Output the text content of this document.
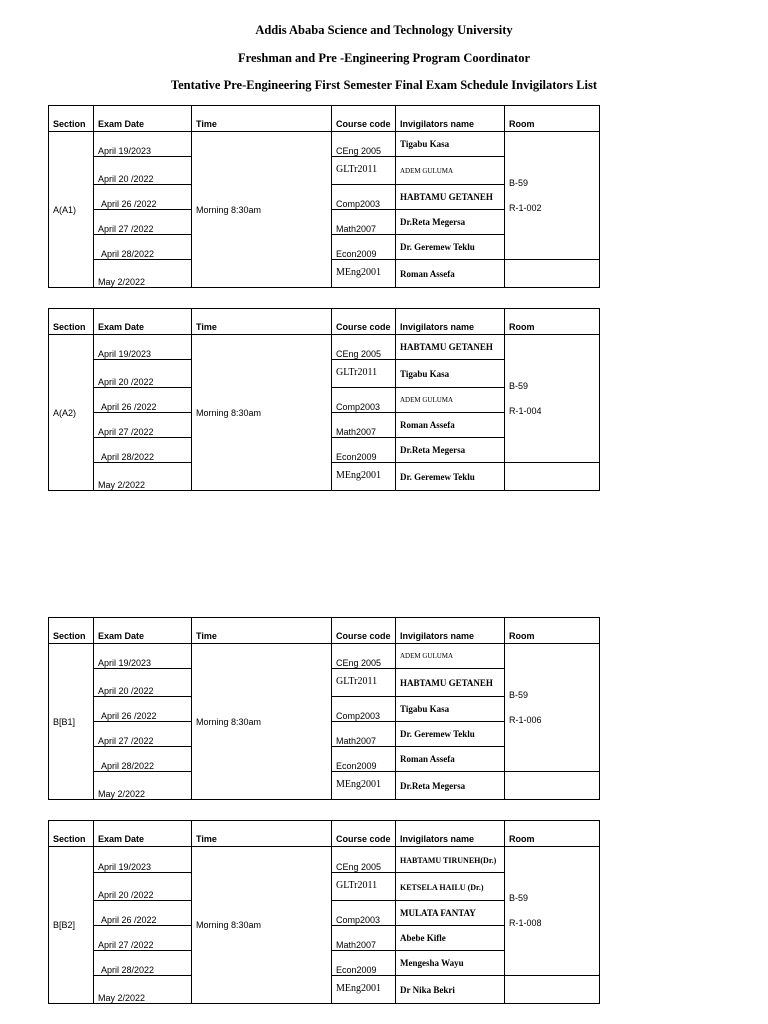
Addis Ababa Science and Technology University
Freshman and Pre -Engineering Program Coordinator
Tentative Pre-Engineering First Semester Final Exam Schedule Invigilators List
Section	Exam Date	Time	Course code	Invigilators name	Room
A(A1)	April 19/2023	Morning 8:30am	CEng 2005	Tigabu Kasa	B-59
R-1-002

	April 20 /2022		GLTr2011	ADEM GULUMA	
	April 26 /2022		Comp2003	HABTAMU GETANEH	
	April 27 /2022		Math2007	Dr.Reta Megersa	
	April 28/2022		Econ2009	Dr. Geremew Teklu	
	May 2/2022		MEng2001	Roman Assefa	
Section	Exam Date	Time	Course code	Invigilators name	Room
A(A2)	April 19/2023	Morning 8:30am	CEng 2005	HABTAMU GETANEH	B-59
R-1-004

	April 20 /2022		GLTr2011	Tigabu Kasa	
	April 26 /2022		Comp2003	ADEM GULUMA	
	April 27 /2022		Math2007	Roman Assefa	
	April 28/2022		Econ2009	Dr.Reta Megersa	
	May 2/2022		MEng2001	Dr. Geremew Teklu	
Section	Exam Date	Time	Course code	Invigilators name	Room
B[B1]	April 19/2023	Morning 8:30am	CEng 2005	ADEM GULUMA	B-59
R-1-006

	April 20 /2022		GLTr2011	HABTAMU GETANEH	
	April 26 /2022		Comp2003	Tigabu Kasa	
	April 27 /2022		Math2007	Dr. Geremew Teklu	
	April 28/2022		Econ2009	Roman Assefa	
	May 2/2022		MEng2001	Dr.Reta Megersa	
Section	Exam Date	Time	Course code	Invigilators name	Room
B[B2]	April 19/2023	Morning 8:30am	CEng 2005	HABTAMU TIRUNEH(Dr.)	B-59
R-1-008

	April 20 /2022		GLTr2011	KETSELA HAILU (Dr.)	
	April 26 /2022		Comp2003	MULATA FANTAY	
	April 27 /2022		Math2007	Abebe Kifle	
	April 28/2022		Econ2009	Mengesha Wayu	
	May 2/2022		MEng2001	Dr Nika Bekri	
